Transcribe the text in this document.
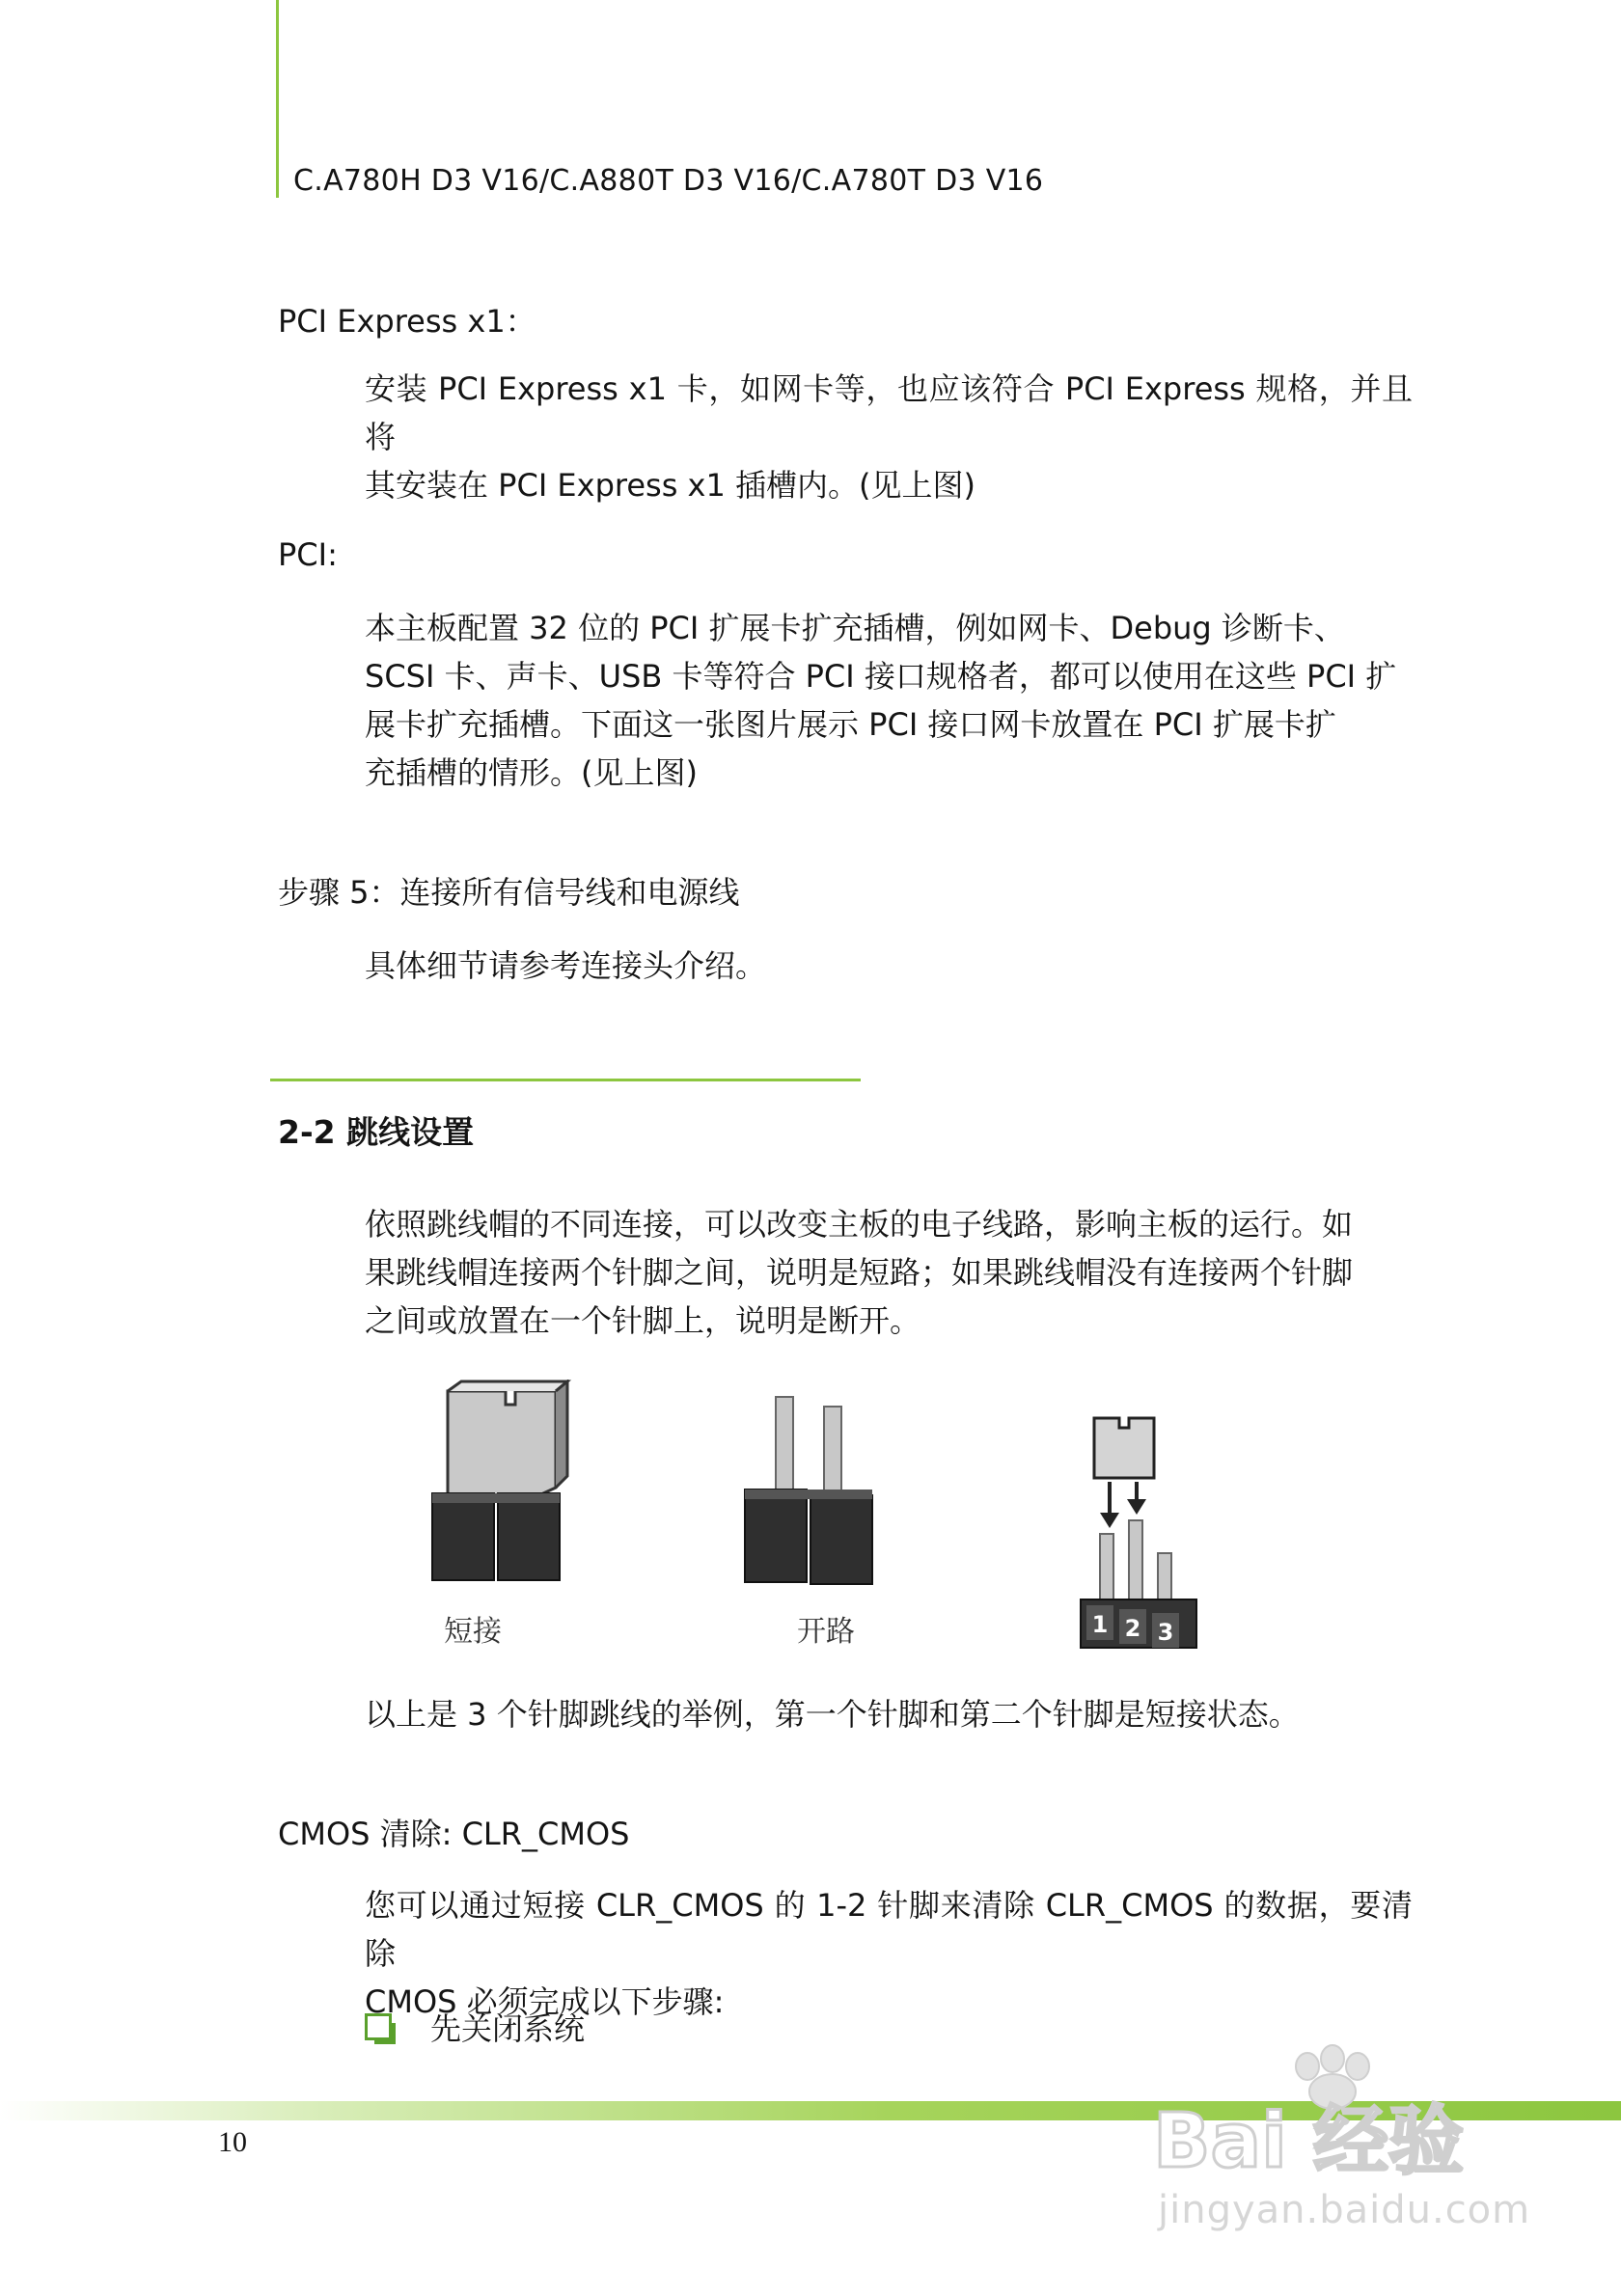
C.A780H D3 V16/C.A880T D3 V16/C.A780T D3 V16
PCI Express x1：

安装 PCI Express x1 卡，如网卡等，也应该符合 PCI Express 规格，并且将

其安装在 PCI Express x1 插槽内。(见上图)

PCI:

本主板配置 32 位的 PCI 扩展卡扩充插槽，例如网卡、Debug 诊断卡、

SCSI 卡、声卡、USB 卡等符合 PCI 接口规格者，都可以使用在这些 PCI 扩

展卡扩充插槽。下面这一张图片展示 PCI 接口网卡放置在 PCI 扩展卡扩

充插槽的情形。(见上图)

步骤 5：连接所有信号线和电源线

具体细节请参考连接头介绍。

2-2 跳线设置

依照跳线帽的不同连接，可以改变主板的电子线路，影响主板的运行。如

果跳线帽连接两个针脚之间，说明是短路；如果跳线帽没有连接两个针脚

之间或放置在一个针脚上，说明是断开。

短接	开路	1 2 3

以上是 3 个针脚跳线的举例，第一个针脚和第二个针脚是短接状态。

CMOS 清除: CLR_CMOS

您可以通过短接 CLR_CMOS 的 1-2 针脚来清除 CLR_CMOS 的数据，要清除

CMOS 必须完成以下步骤:

先关闭系统
10	Bai 经验
jingyan.baidu.com
